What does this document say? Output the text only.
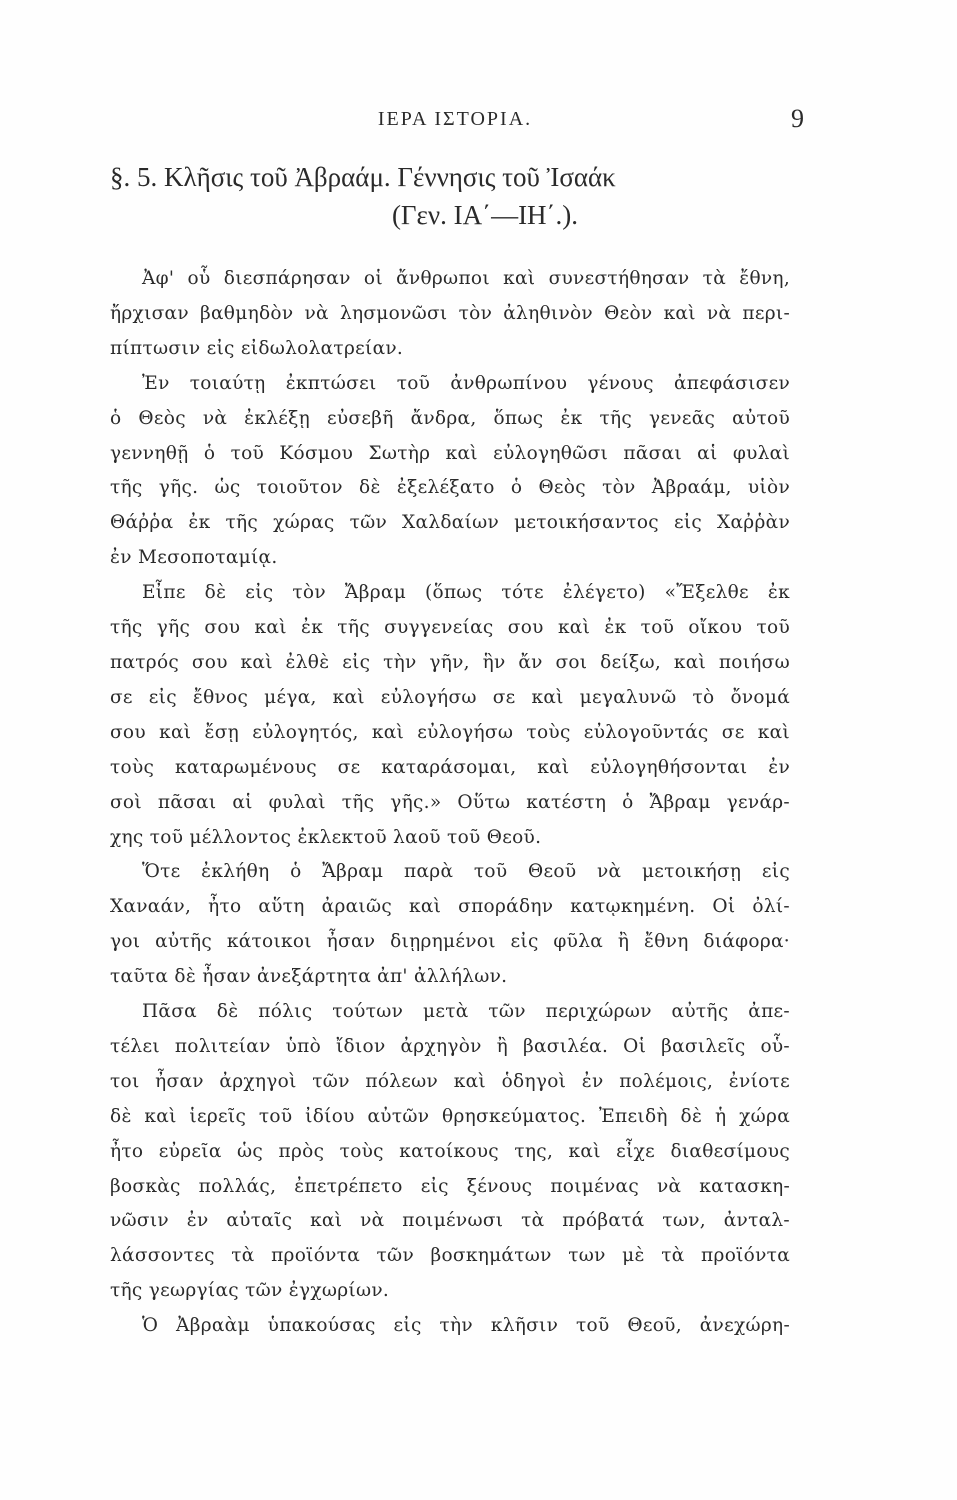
ΙΕΡΑ ΙΣΤΟΡΙΑ.	9
§. 5. Κλῆσις τοῦ Ἀβραάμ. Γέννησις τοῦ Ἰσαάκ
(Γεν. ΙΑ΄—ΙΗ΄.).
Ἀφ' οὗ διεσπάρησαν οἱ ἄνθρωποι καὶ συνεστήθησαν τὰ ἔθνη,
ἤρχισαν βαθμηδὸν νὰ λησμονῶσι τὸν ἀληθινὸν Θεὸν καὶ νὰ περι-
πίπτωσιν εἰς εἰδωλολατρείαν.
Ἐν τοιαύτῃ ἐκπτώσει τοῦ ἀνθρωπίνου γένους ἀπεφάσισεν
ὁ Θεὸς νὰ ἐκλέξῃ εὐσεβῆ ἄνδρα, ὅπως ἐκ τῆς γενεᾶς αὐτοῦ
γεννηθῇ ὁ τοῦ Κόσμου Σωτὴρ καὶ εὐλογηθῶσι πᾶσαι αἱ φυλαὶ
τῆς γῆς. ὡς τοιοῦτον δὲ ἐξελέξατο ὁ Θεὸς τὸν Ἀβραάμ, υἱὸν
Θάῤῥα ἐκ τῆς χώρας τῶν Χαλδαίων μετοικήσαντος εἰς Χαῤῥὰν
ἐν Μεσοποταμίᾳ.
Εἶπε δὲ εἰς τὸν Ἄβραμ (ὅπως τότε ἐλέγετο) «Ἔξελθε ἐκ
τῆς γῆς σου καὶ ἐκ τῆς συγγενείας σου καὶ ἐκ τοῦ οἴκου τοῦ
πατρός σου καὶ ἐλθὲ εἰς τὴν γῆν, ἣν ἄν σοι δείξω, καὶ ποιήσω
σε εἰς ἔθνος μέγα, καὶ εὐλογήσω σε καὶ μεγαλυνῶ τὸ ὄνομά
σου καὶ ἔσῃ εὐλογητός, καὶ εὐλογήσω τοὺς εὐλογοῦντάς σε καὶ
τοὺς καταρωμένους σε καταράσομαι, καὶ εὐλογηθήσονται ἐν
σοὶ πᾶσαι αἱ φυλαὶ τῆς γῆς.» Οὕτω κατέστη ὁ Ἄβραμ γενάρ-
χης τοῦ μέλλοντος ἐκλεκτοῦ λαοῦ τοῦ Θεοῦ.
Ὅτε ἐκλήθη ὁ Ἄβραμ παρὰ τοῦ Θεοῦ νὰ μετοικήσῃ εἰς
Χαναάν, ἦτο αὕτη ἀραιῶς καὶ σποράδην κατῳκημένη. Οἱ ὀλί-
γοι αὐτῆς κάτοικοι ἦσαν διῃρημένοι εἰς φῦλα ἢ ἔθνη διάφορα·
ταῦτα δὲ ἦσαν ἀνεξάρτητα ἀπ' ἀλλήλων.
Πᾶσα δὲ πόλις τούτων μετὰ τῶν περιχώρων αὐτῆς ἀπε-
τέλει πολιτείαν ὑπὸ ἴδιον ἀρχηγὸν ἢ βασιλέα. Οἱ βασιλεῖς οὗ-
τοι ἦσαν ἀρχηγοὶ τῶν πόλεων καὶ ὁδηγοὶ ἐν πολέμοις, ἐνίοτε
δὲ καὶ ἱερεῖς τοῦ ἰδίου αὐτῶν θρησκεύματος. Ἐπειδὴ δὲ ἡ χώρα
ἦτο εὐρεῖα ὡς πρὸς τοὺς κατοίκους της, καὶ εἶχε διαθεσίμους
βοσκὰς πολλάς, ἐπετρέπετο εἰς ξένους ποιμένας νὰ κατασκη-
νῶσιν ἐν αὐταῖς καὶ νὰ ποιμένωσι τὰ πρόβατά των, ἀνταλ-
λάσσοντες τὰ προϊόντα τῶν βοσκημάτων των μὲ τὰ προϊόντα
τῆς γεωργίας τῶν ἐγχωρίων.
Ὁ Ἀβραὰμ ὑπακούσας εἰς τὴν κλῆσιν τοῦ Θεοῦ, ἀνεχώρη-
